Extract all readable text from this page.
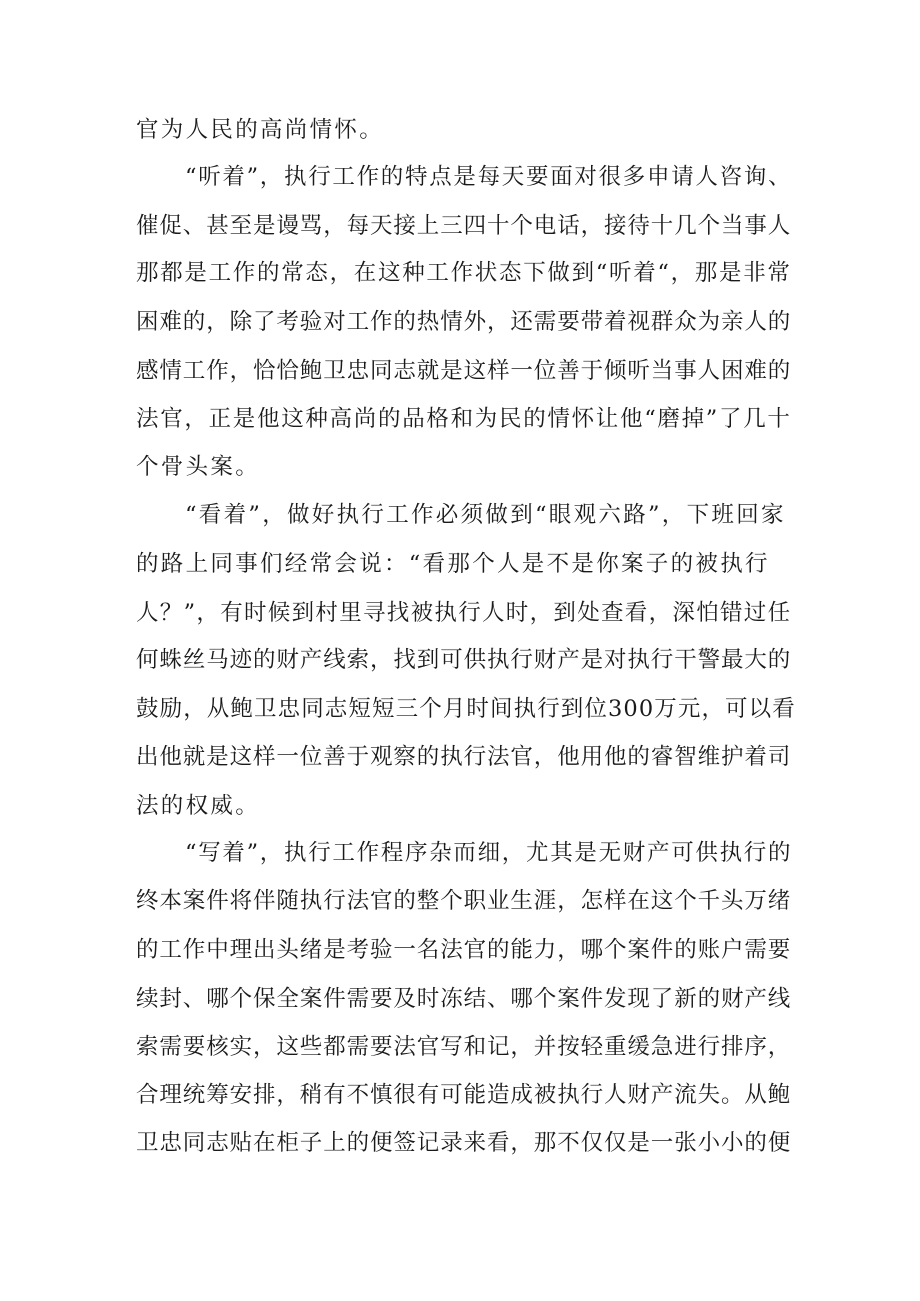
官为人民的高尚情怀。
“听着”，执行工作的特点是每天要面对很多申请人咨询、
催促、甚至是谩骂，每天接上三四十个电话，接待十几个当事人
那都是工作的常态，在这种工作状态下做到“听着“，那是非常
困难的，除了考验对工作的热情外，还需要带着视群众为亲人的
感情工作，恰恰鲍卫忠同志就是这样一位善于倾听当事人困难的
法官，正是他这种高尚的品格和为民的情怀让他“磨掉”了几十
个骨头案。
“看着”，做好执行工作必须做到“眼观六路”，下班回家
的路上同事们经常会说：“看那个人是不是你案子的被执行
人？”，有时候到村里寻找被执行人时，到处查看，深怕错过任
何蛛丝马迹的财产线索，找到可供执行财产是对执行干警最大的
鼓励，从鲍卫忠同志短短三个月时间执行到位300万元，可以看
出他就是这样一位善于观察的执行法官，他用他的睿智维护着司
法的权威。
“写着”，执行工作程序杂而细，尤其是无财产可供执行的
终本案件将伴随执行法官的整个职业生涯，怎样在这个千头万绪
的工作中理出头绪是考验一名法官的能力，哪个案件的账户需要
续封、哪个保全案件需要及时冻结、哪个案件发现了新的财产线
索需要核实，这些都需要法官写和记，并按轻重缓急进行排序，
合理统筹安排，稍有不慎很有可能造成被执行人财产流失。从鲍
卫忠同志贴在柜子上的便签记录来看，那不仅仅是一张小小的便
